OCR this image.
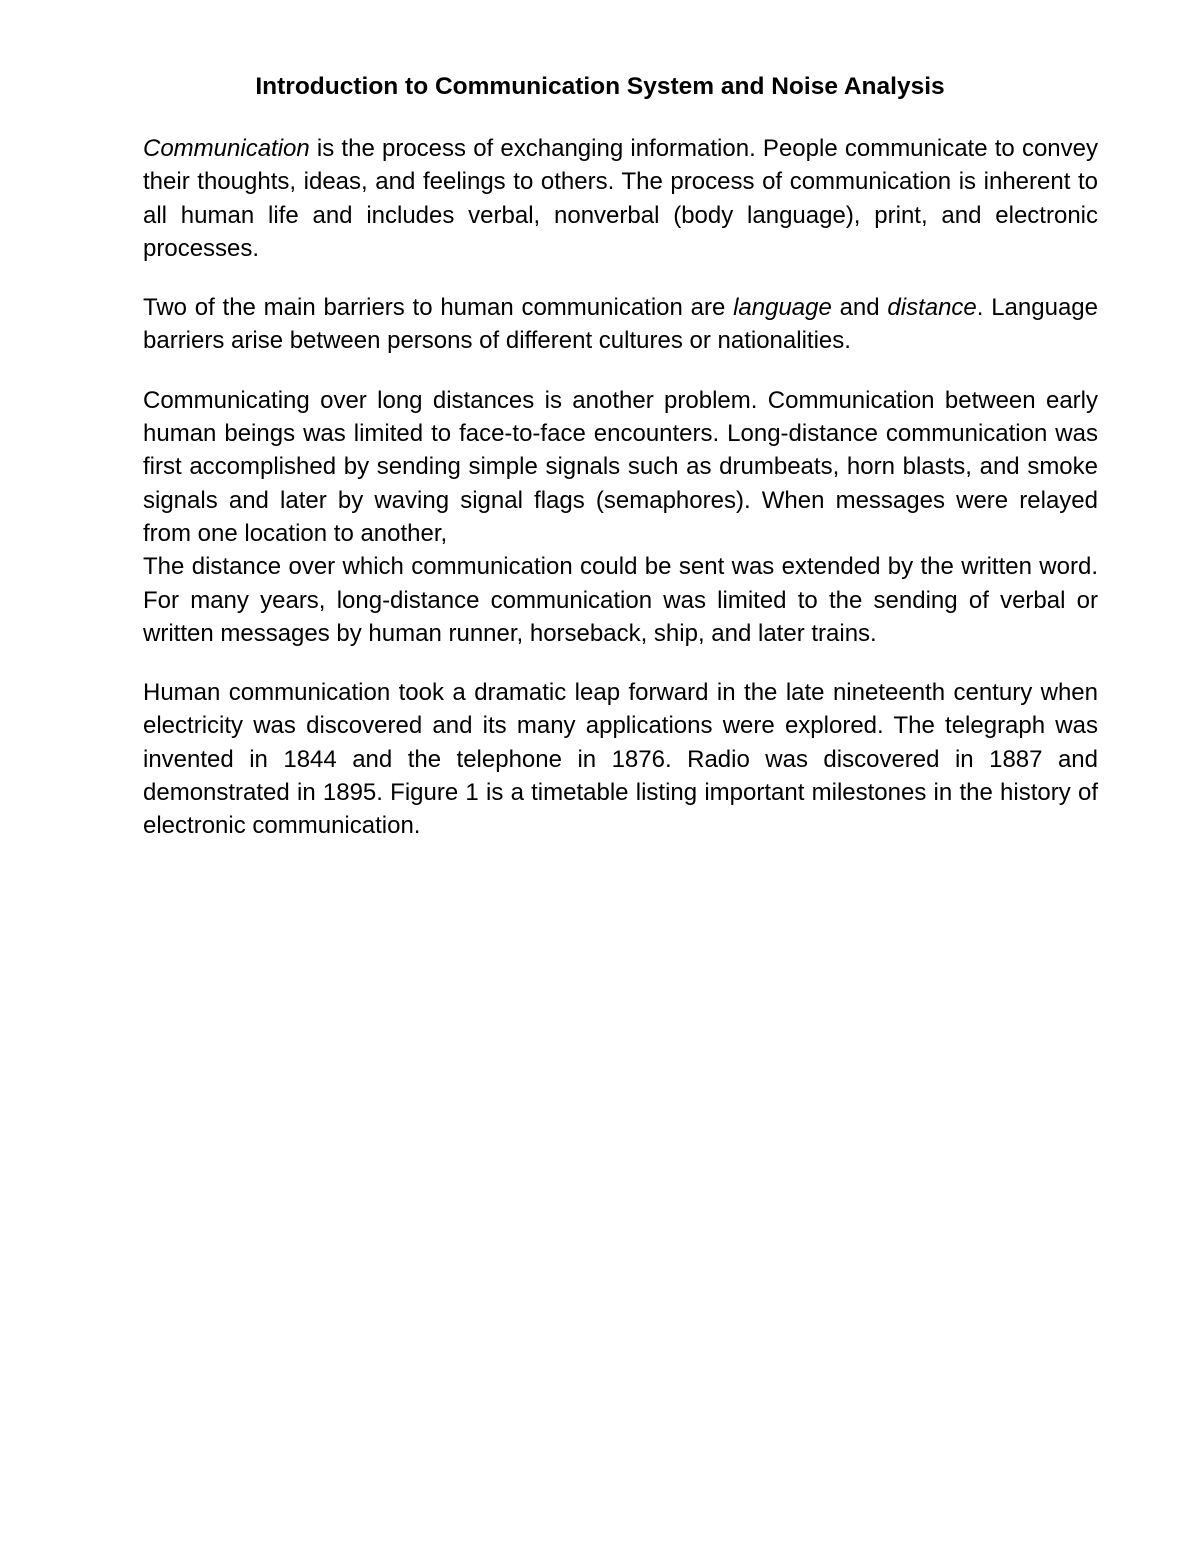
Introduction to Communication System and Noise Analysis

Communication is the process of exchanging information. People communicate to convey their thoughts, ideas, and feelings to others. The process of communication is inherent to all human life and includes verbal, nonverbal (body language), print, and electronic processes.

Two of the main barriers to human communication are language and distance. Language barriers arise between persons of different cultures or nationalities.

Communicating over long distances is another problem. Communication between early human beings was limited to face-to-face encounters. Long-distance communication was first accomplished by sending simple signals such as drumbeats, horn blasts, and smoke signals and later by waving signal flags (semaphores). When messages were relayed from one location to another,

The distance over which communication could be sent was extended by the written word. For many years, long-distance communication was limited to the sending of verbal or written messages by human runner, horseback, ship, and later trains.

Human communication took a dramatic leap forward in the late nineteenth century when electricity was discovered and its many applications were explored. The telegraph was invented in 1844 and the telephone in 1876. Radio was discovered in 1887 and demonstrated in 1895. Figure 1 is a timetable listing important milestones in the history of electronic communication.
